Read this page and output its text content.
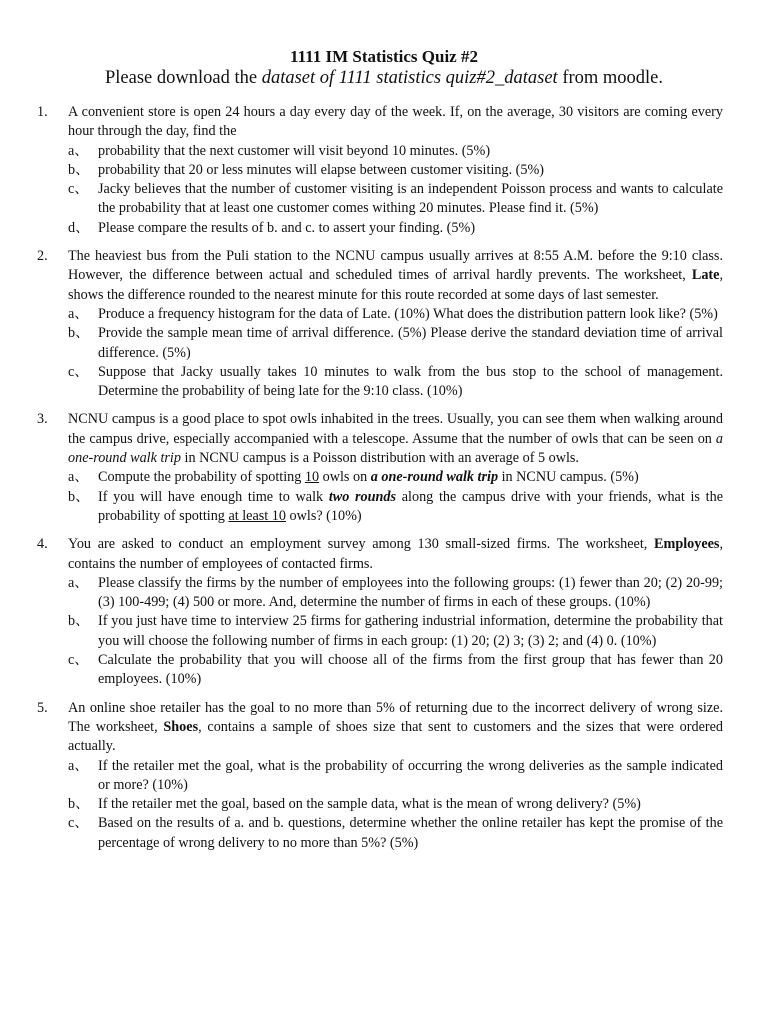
1111 IM Statistics Quiz #2
Please download the dataset of 1111 statistics quiz#2_dataset from moodle.
1. A convenient store is open 24 hours a day every day of the week. If, on the average, 30 visitors are coming every hour through the day, find the
a、 probability that the next customer will visit beyond 10 minutes. (5%)
b、 probability that 20 or less minutes will elapse between customer visiting. (5%)
c、 Jacky believes that the number of customer visiting is an independent Poisson process and wants to calculate the probability that at least one customer comes withing 20 minutes. Please find it. (5%)
d、 Please compare the results of b. and c. to assert your finding. (5%)
2. The heaviest bus from the Puli station to the NCNU campus usually arrives at 8:55 A.M. before the 9:10 class. However, the difference between actual and scheduled times of arrival hardly prevents. The worksheet, Late, shows the difference rounded to the nearest minute for this route recorded at some days of last semester.
a、 Produce a frequency histogram for the data of Late. (10%) What does the distribution pattern look like? (5%)
b、 Provide the sample mean time of arrival difference. (5%) Please derive the standard deviation time of arrival difference. (5%)
c、 Suppose that Jacky usually takes 10 minutes to walk from the bus stop to the school of management. Determine the probability of being late for the 9:10 class. (10%)
3. NCNU campus is a good place to spot owls inhabited in the trees. Usually, you can see them when walking around the campus drive, especially accompanied with a telescope. Assume that the number of owls that can be seen on a one-round walk trip in NCNU campus is a Poisson distribution with an average of 5 owls.
a、 Compute the probability of spotting 10 owls on a one-round walk trip in NCNU campus. (5%)
b、 If you will have enough time to walk two rounds along the campus drive with your friends, what is the probability of spotting at least 10 owls? (10%)
4. You are asked to conduct an employment survey among 130 small-sized firms. The worksheet, Employees, contains the number of employees of contacted firms.
a、 Please classify the firms by the number of employees into the following groups: (1) fewer than 20; (2) 20-99; (3) 100-499; (4) 500 or more. And, determine the number of firms in each of these groups. (10%)
b、 If you just have time to interview 25 firms for gathering industrial information, determine the probability that you will choose the following number of firms in each group: (1) 20; (2) 3; (3) 2; and (4) 0. (10%)
c、 Calculate the probability that you will choose all of the firms from the first group that has fewer than 20 employees. (10%)
5. An online shoe retailer has the goal to no more than 5% of returning due to the incorrect delivery of wrong size. The worksheet, Shoes, contains a sample of shoes size that sent to customers and the sizes that were ordered actually.
a、 If the retailer met the goal, what is the probability of occurring the wrong deliveries as the sample indicated or more? (10%)
b、 If the retailer met the goal, based on the sample data, what is the mean of wrong delivery? (5%)
c、 Based on the results of a. and b. questions, determine whether the online retailer has kept the promise of the percentage of wrong delivery to no more than 5%? (5%)
